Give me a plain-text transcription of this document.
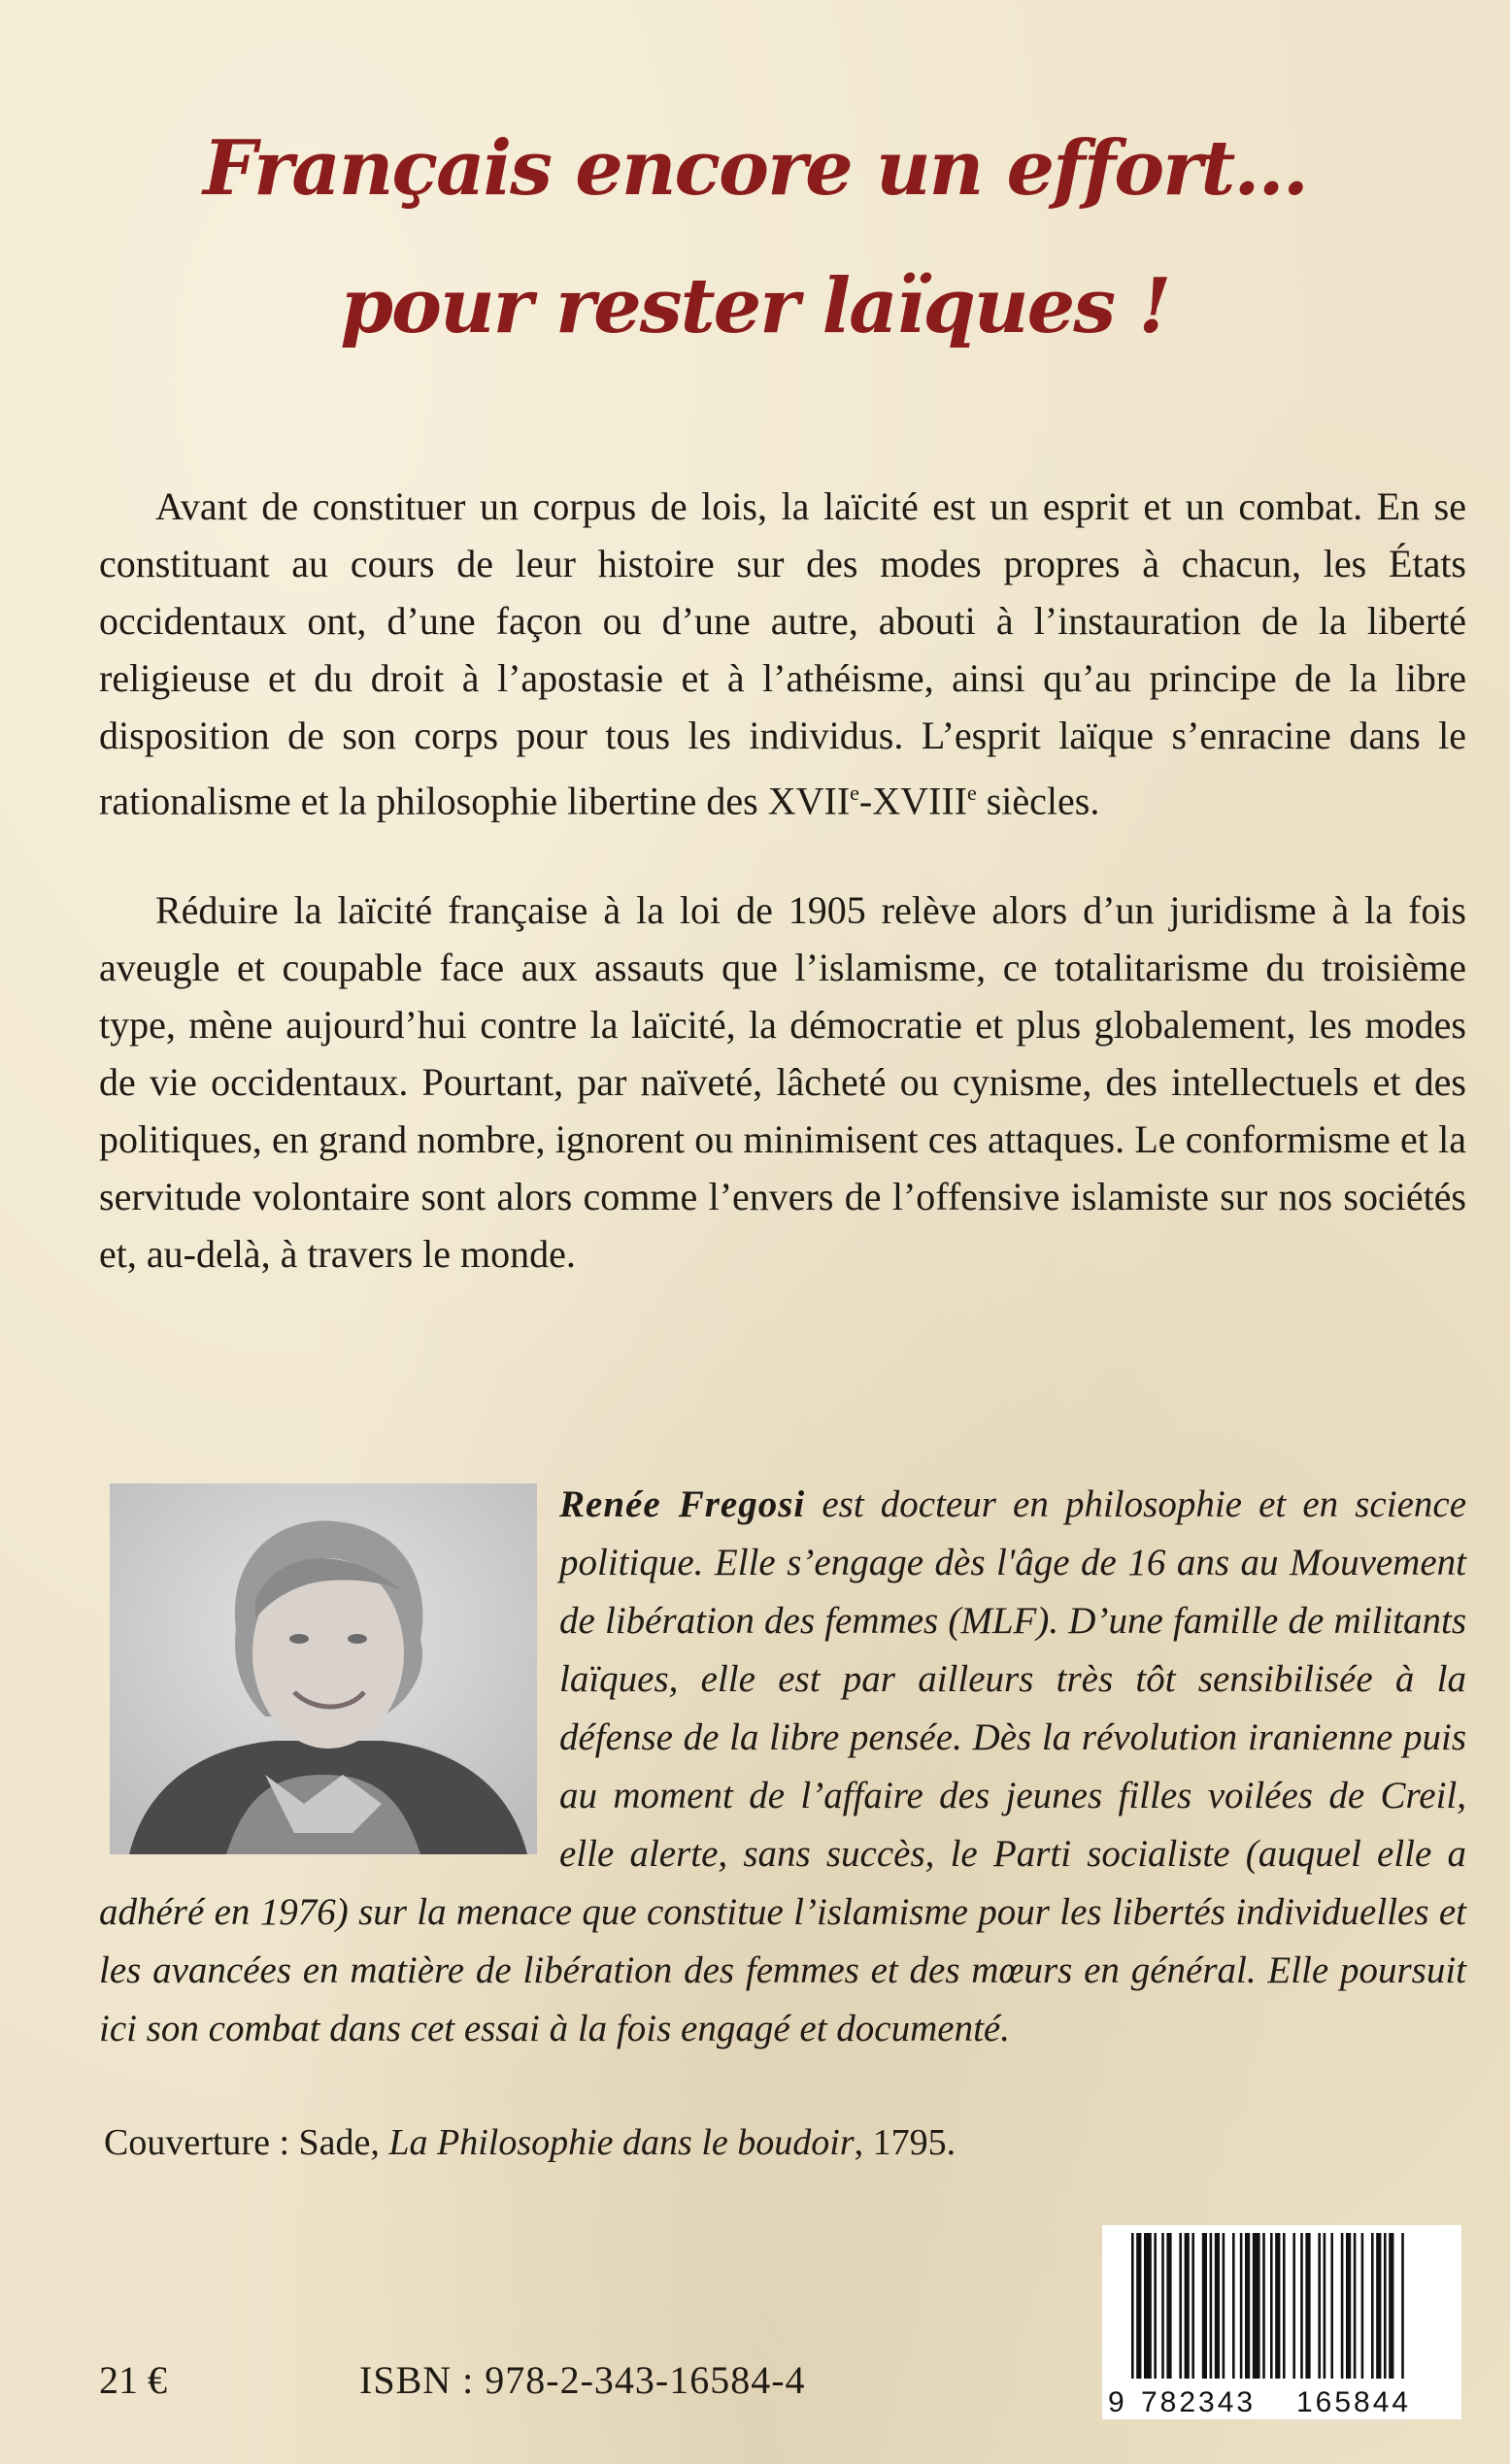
Français encore un effort...
pour rester laïques !

Avant de constituer un corpus de lois, la laïcité est un esprit et un combat. En se constituant au cours de leur histoire sur des modes propres à chacun, les États occidentaux ont, d’une façon ou d’une autre, abouti à l’instauration de la liberté religieuse et du droit à l’apostasie et à l’athéisme, ainsi qu’au principe de la libre disposition de son corps pour tous les individus. L’esprit laïque s’enracine dans le rationalisme et la philosophie libertine des XVIIe-XVIIIe siècles.

Réduire la laïcité française à la loi de 1905 relève alors d’un juridisme à la fois aveugle et coupable face aux assauts que l’islamisme, ce totalitarisme du troisième type, mène aujourd’hui contre la laïcité, la démocratie et plus globalement, les modes de vie occidentaux. Pourtant, par naïveté, lâcheté ou cynisme, des intellectuels et des politiques, en grand nombre, ignorent ou minimisent ces attaques. Le conformisme et la servitude volontaire sont alors comme l’envers de l’offensive islamiste sur nos sociétés et, au-delà, à travers le monde.

Renée Fregosi est docteur en philosophie et en science politique. Elle s’engage dès l'âge de 16 ans au Mouvement de libération des femmes (MLF). D’une famille de militants laïques, elle est par ailleurs très tôt sensibilisée à la défense de la libre pensée. Dès la révolution iranienne puis au moment de l’affaire des jeunes filles voilées de Creil, elle alerte, sans succès, le Parti socialiste (auquel elle a adhéré en 1976) sur la menace que constitue l’islamisme pour les libertés individuelles et les avancées en matière de libération des femmes et des mœurs en général. Elle poursuit ici son combat dans cet essai à la fois engagé et documenté.
Couverture : Sade, La Philosophie dans le boudoir, 1795.
9 782343 165844
21 €	ISBN : 978-2-343-16584-4
